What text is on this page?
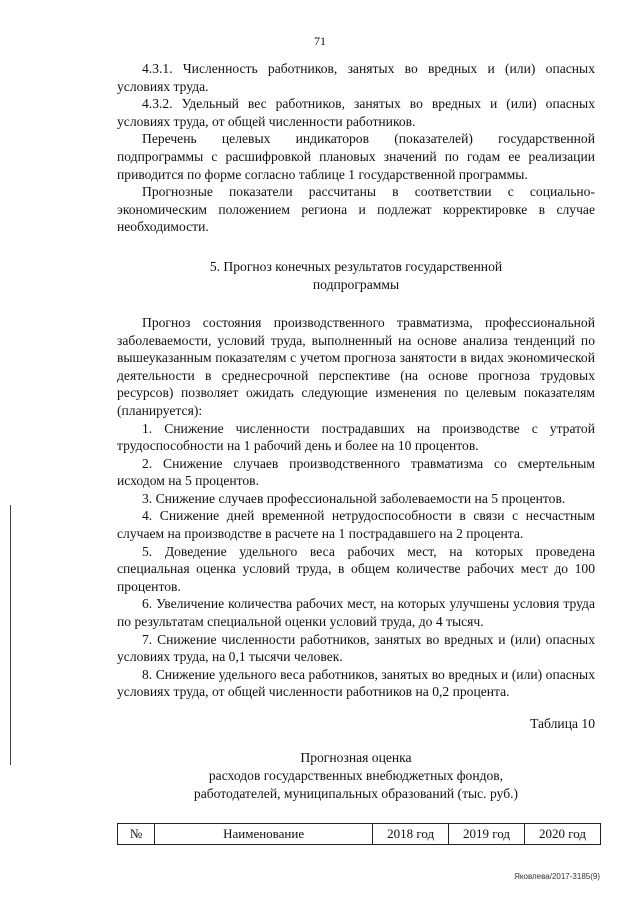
71

4.3.1. Численность работников, занятых во вредных и (или) опасных условиях труда.

4.3.2. Удельный вес работников, занятых во вредных и (или) опасных условиях труда, от общей численности работников.

Перечень целевых индикаторов (показателей) государственной подпрограммы с расшифровкой плановых значений по годам ее реализации приводится по форме согласно таблице 1 государственной программы.

Прогнозные показатели рассчитаны в соответствии с социально-экономическим положением региона и подлежат корректировке в случае необходимости.

5. Прогноз конечных результатов государственной
подпрограммы

Прогноз состояния производственного травматизма, профессиональной заболеваемости, условий труда, выполненный на основе анализа тенденций по вышеуказанным показателям с учетом прогноза занятости в видах экономической деятельности в среднесрочной перспективе (на основе прогноза трудовых ресурсов) позволяет ожидать следующие изменения по целевым показателям (планируется):

1. Снижение численности пострадавших на производстве с утратой трудоспособности на 1 рабочий день и более на 10 процентов.

2. Снижение случаев производственного травматизма со смертельным исходом на 5 процентов.

3. Снижение случаев профессиональной заболеваемости на 5 процентов.

4. Снижение дней временной нетрудоспособности в связи с несчастным случаем на производстве в расчете на 1 пострадавшего на 2 процента.

5. Доведение удельного веса рабочих мест, на которых проведена специальная оценка условий труда, в общем количестве рабочих мест до 100 процентов.

6. Увеличение количества рабочих мест, на которых улучшены условия труда по результатам специальной оценки условий труда, до 4 тысяч.

7. Снижение численности работников, занятых во вредных и (или) опасных условиях труда, на 0,1 тысячи человек.

8. Снижение удельного веса работников, занятых во вредных и (или) опасных условиях труда, от общей численности работников на 0,2 процента.

Таблица 10
Прогнозная оценка
расходов государственных внебюджетных фондов,
работодателей, муниципальных образований (тыс. руб.)
№	Наименование	2018 год	2019 год	2020 год
Яковлева/2017-3185(9)
